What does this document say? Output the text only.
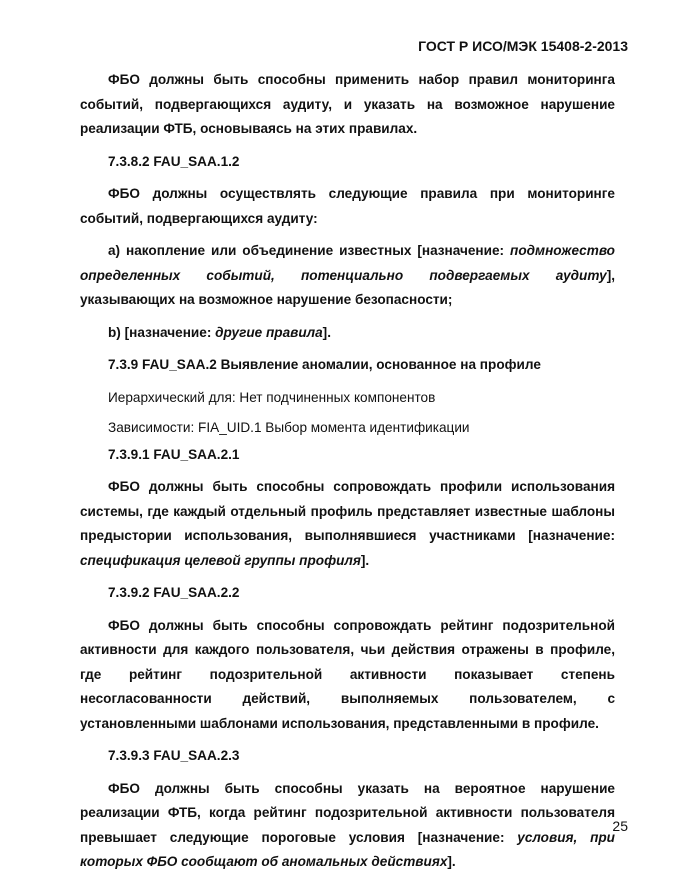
ГОСТ Р ИСО/МЭК 15408-2-2013

ФБО должны быть способны применить набор правил мониторинга событий, подвергающихся аудиту, и указать на возможное нарушение реализации ФТБ, основываясь на этих правилах.

7.3.8.2 FAU_SAA.1.2

ФБО должны осуществлять следующие правила при мониторинге событий, подвергающихся аудиту:

a) накопление или объединение известных [назначение: подмножество определенных событий, потенциально подвергаемых аудиту], указывающих на возможное нарушение безопасности;

b) [назначение: другие правила].

7.3.9 FAU_SAA.2 Выявление аномалии, основанное на профиле

Иерархический для: Нет подчиненных компонентов

Зависимости: FIA_UID.1 Выбор момента идентификации

7.3.9.1 FAU_SAA.2.1

ФБО должны быть способны сопровождать профили использования системы, где каждый отдельный профиль представляет известные шаблоны предыстории использования, выполнявшиеся участниками [назначение: спецификация целевой группы профиля].

7.3.9.2 FAU_SAA.2.2

ФБО должны быть способны сопровождать рейтинг подозрительной активности для каждого пользователя, чьи действия отражены в профиле, где рейтинг подозрительной активности показывает степень несогласованности действий, выполняемых пользователем, с установленными шаблонами использования, представленными в профиле.

7.3.9.3 FAU_SAA.2.3

ФБО должны быть способны указать на вероятное нарушение реализации ФТБ, когда рейтинг подозрительной активности пользователя превышает следующие пороговые условия [назначение: условия, при которых ФБО сообщают об аномальных действиях].

25
